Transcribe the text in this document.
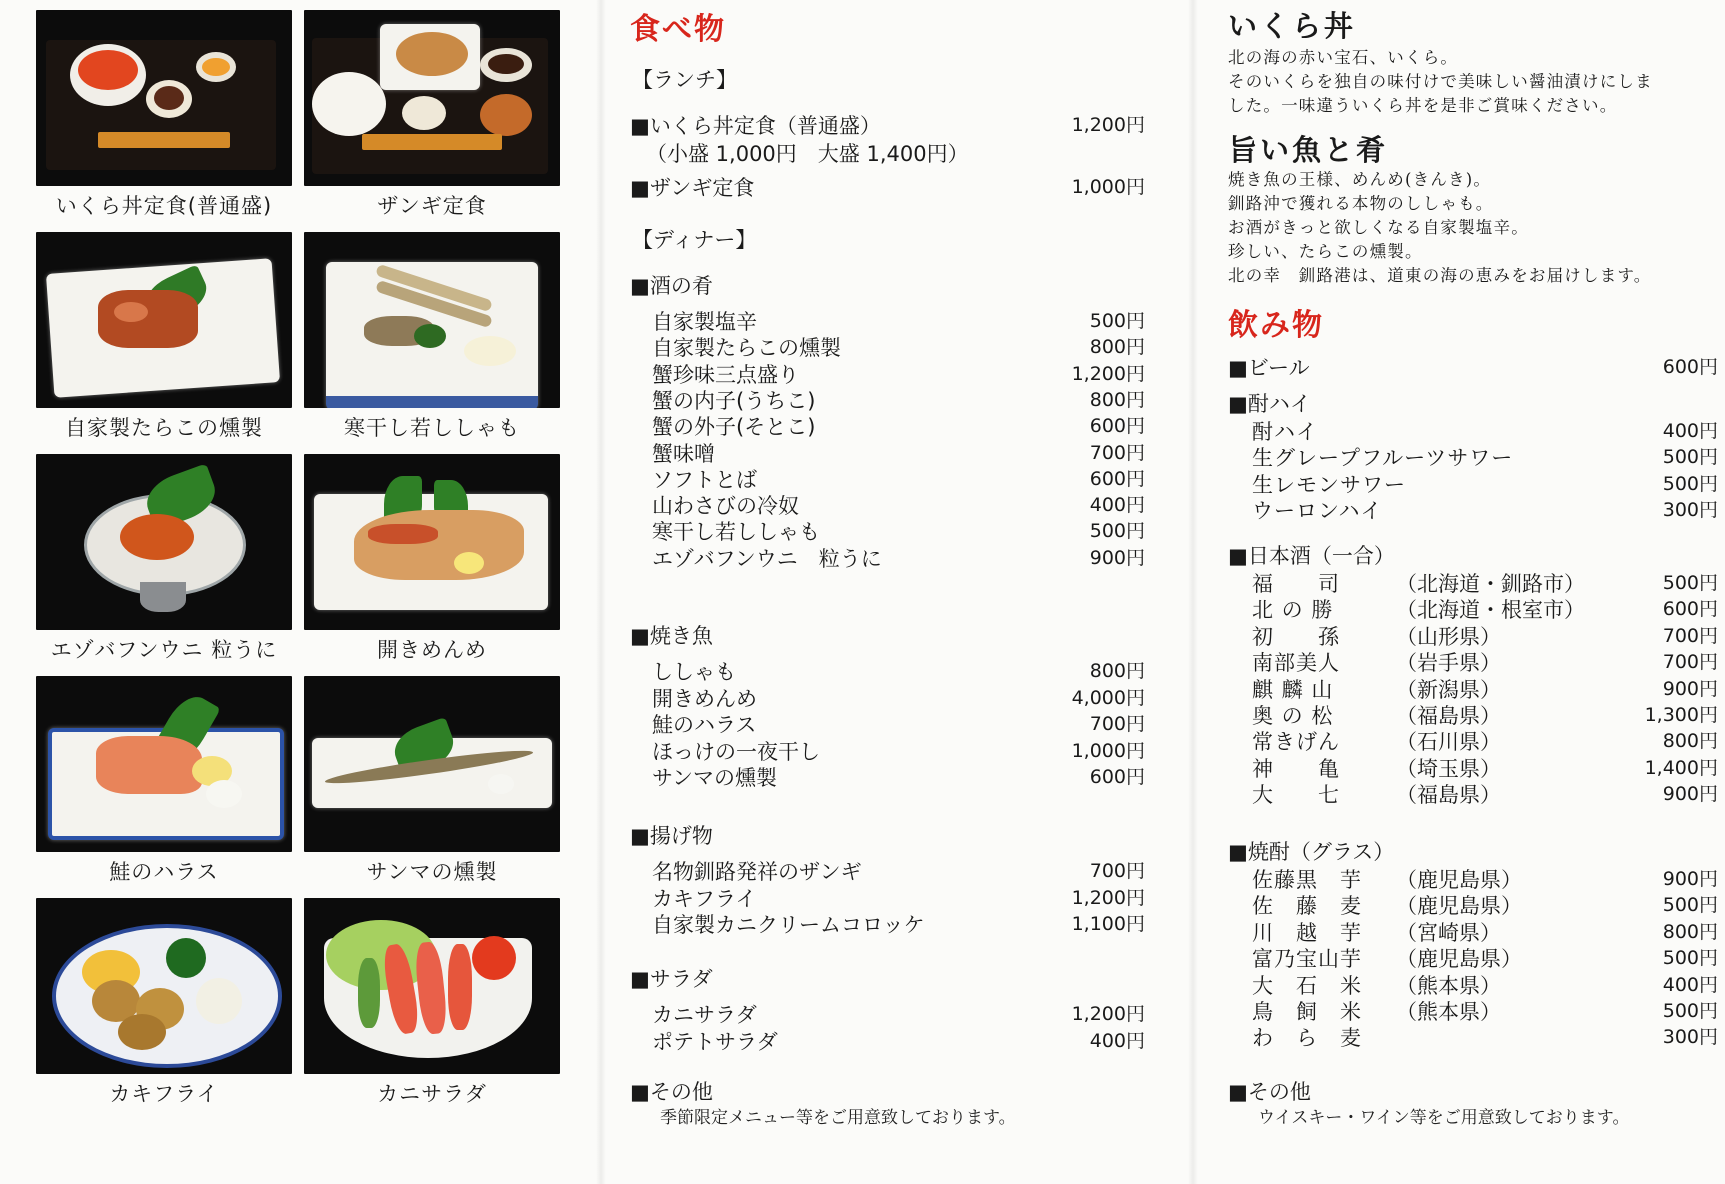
いくら丼定食(普通盛)	ザンギ定食
自家製たらこの燻製	寒干し若ししゃも
エゾバフンウニ 粒うに	開きめんめ
鮭のハラス	サンマの燻製
カキフライ	カニサラダ
食べ物
【ランチ】
■いくら丼定食（普通盛）	1,200円
（小盛 1,000円　大盛 1,400円）
■ザンギ定食	1,000円
【ディナー】
■酒の肴
自家製塩辛	500円
自家製たらこの燻製	800円
蟹珍味三点盛り	1,200円
蟹の内子(うちこ)	800円
蟹の外子(そとこ)	600円
蟹味噌	700円
ソフトとば	600円
山わさびの冷奴	400円
寒干し若ししゃも	500円
エゾバフンウニ　粒うに	900円
■焼き魚
ししゃも	800円
開きめんめ	4,000円
鮭のハラス	700円
ほっけの一夜干し	1,000円
サンマの燻製	600円
■揚げ物
名物釧路発祥のザンギ	700円
カキフライ	1,200円
自家製カニクリームコロッケ	1,100円
■サラダ
カニサラダ	1,200円
ポテトサラダ	400円
■その他
季節限定メニュー等をご用意致しております。
いくら丼
北の海の赤い宝石、いくら。
そのいくらを独自の味付けで美味しい醤油漬けにしま
した。一味違ういくら丼を是非ご賞味ください。
旨い魚と肴
焼き魚の王様、めんめ(きんき)。
釧路沖で獲れる本物のししゃも。
お酒がきっと欲しくなる自家製塩辛。
珍しい、たらこの燻製。
北の幸　釧路港は、道東の海の恵みをお届けします。
飲み物
■ビール	600円
■酎ハイ
酎ハイ	400円
生グレープフルーツサワー	500円
生レモンサワー	500円
ウーロンハイ	300円
■日本酒（一合）
福　　司	（北海道・釧路市）	500円
北 の 勝	（北海道・根室市）	600円
初　　孫	（山形県）	700円
南部美人	（岩手県）	700円
麒 麟 山	（新潟県）	900円
奥 の 松	（福島県）	1,300円
常きげん	（石川県）	800円
神　　亀	（埼玉県）	1,400円
大　　七	（福島県）	900円
■焼酎（グラス）
佐藤黒　芋 （鹿児島県）	900円
佐　藤　麦 （鹿児島県）	500円
川　越　芋 （宮崎県）	800円
富乃宝山芋 （鹿児島県）	500円
大　石　米 （熊本県）	400円
鳥　飼　米 （熊本県）	500円
わ　ら　麦	300円
■その他
ウイスキー・ワイン等をご用意致しております。
